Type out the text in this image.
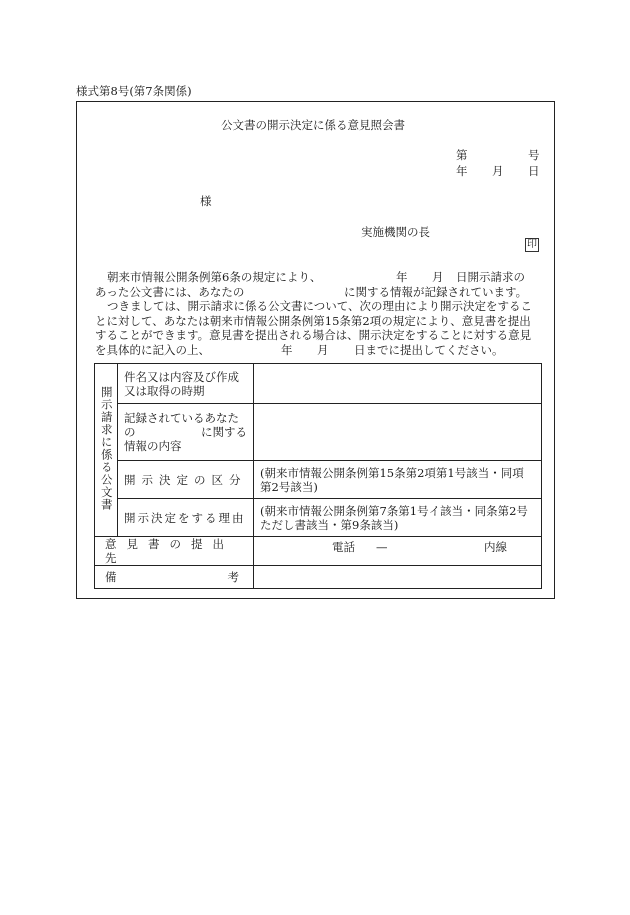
様式第8号(第7条関係)
公文書の開示決定に係る意見照会書
第	号
年 月 日
様
実施機関の長
印
朝来市情報公開条例第6条の規定により、	年 月 日開示請求の
あった公文書には、あなたの	に関する情報が記録されています。
つきましては、開示請求に係る公文書について、次の理由により開示決定をするこ
とに対して、あなたは朝来市情報公開条例第15条第2項の規定により、意見書を提出
することができます。意見書を提出される場合は、開示決定をすることに対する意見
を具体的に記入の上、	年 月 日までに提出してください。
開示請求に係る公文書	件名又は内容及び作成又は取得の時期	

	記録されているあなた
の に関する
情報の内容	

	開示決定の区分	(朝来市情報公開条例第15条第2項第1号該当・同項第2号該当)
	開示決定をする理由	(朝来市情報公開条例第7条第1号イ該当・同条第2号ただし書該当・第9条該当)
意見書の提出先		電話 — 内線

備 考		
